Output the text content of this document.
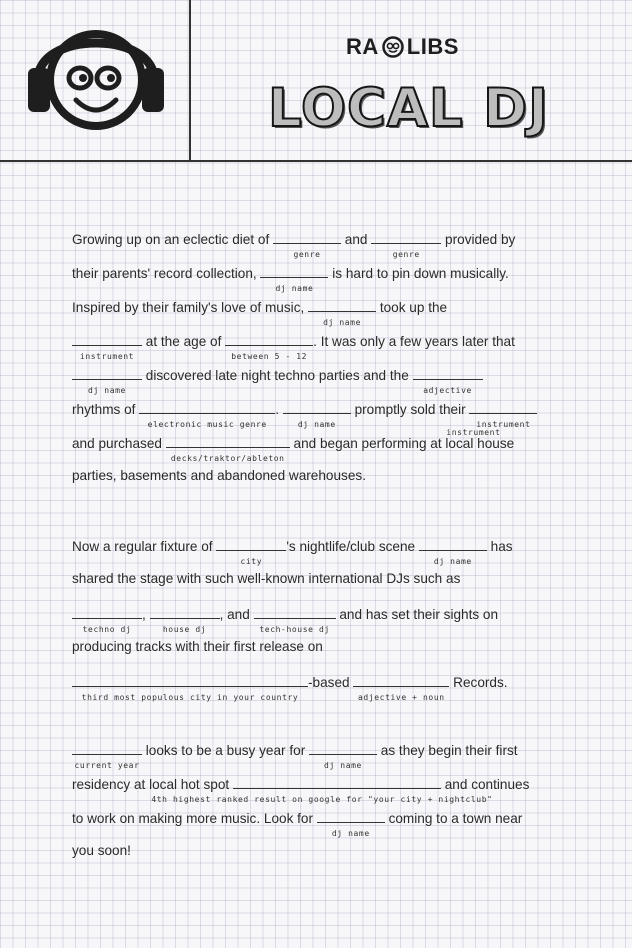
RA LIBS
LOCAL DJ
Growing up on an eclectic diet of
genre
and
genre
provided by
their parents' record collection,
dj name
is hard to pin down musically.
Inspired by their family's love of music,
dj name
took up the
instrument
at the age of
between 5 - 12
. It was only a few years later that
dj name
discovered late night techno parties and the
adjective
rhythms of
electronic music genre
.
dj name
promptly sold their
instrument
instrument
and purchased
decks/traktor/ableton
and began performing at local house
parties, basements and abandoned warehouses.
Now a regular fixture of
city
's nightlife/club scene
dj name
has
shared the stage with such well-known international DJs such as
techno dj
,
house dj
, and
tech-house dj
and has set their sights on
producing tracks with their first release on
third most populous city in your country
-based
adjective + noun
Records.
current year
looks to be a busy year for
dj name
as they begin their first
residency at local hot spot
4th highest ranked result on google for "your city + nightclub"
and continues
to work on making more music. Look for
dj name
coming to a town near
you soon!
